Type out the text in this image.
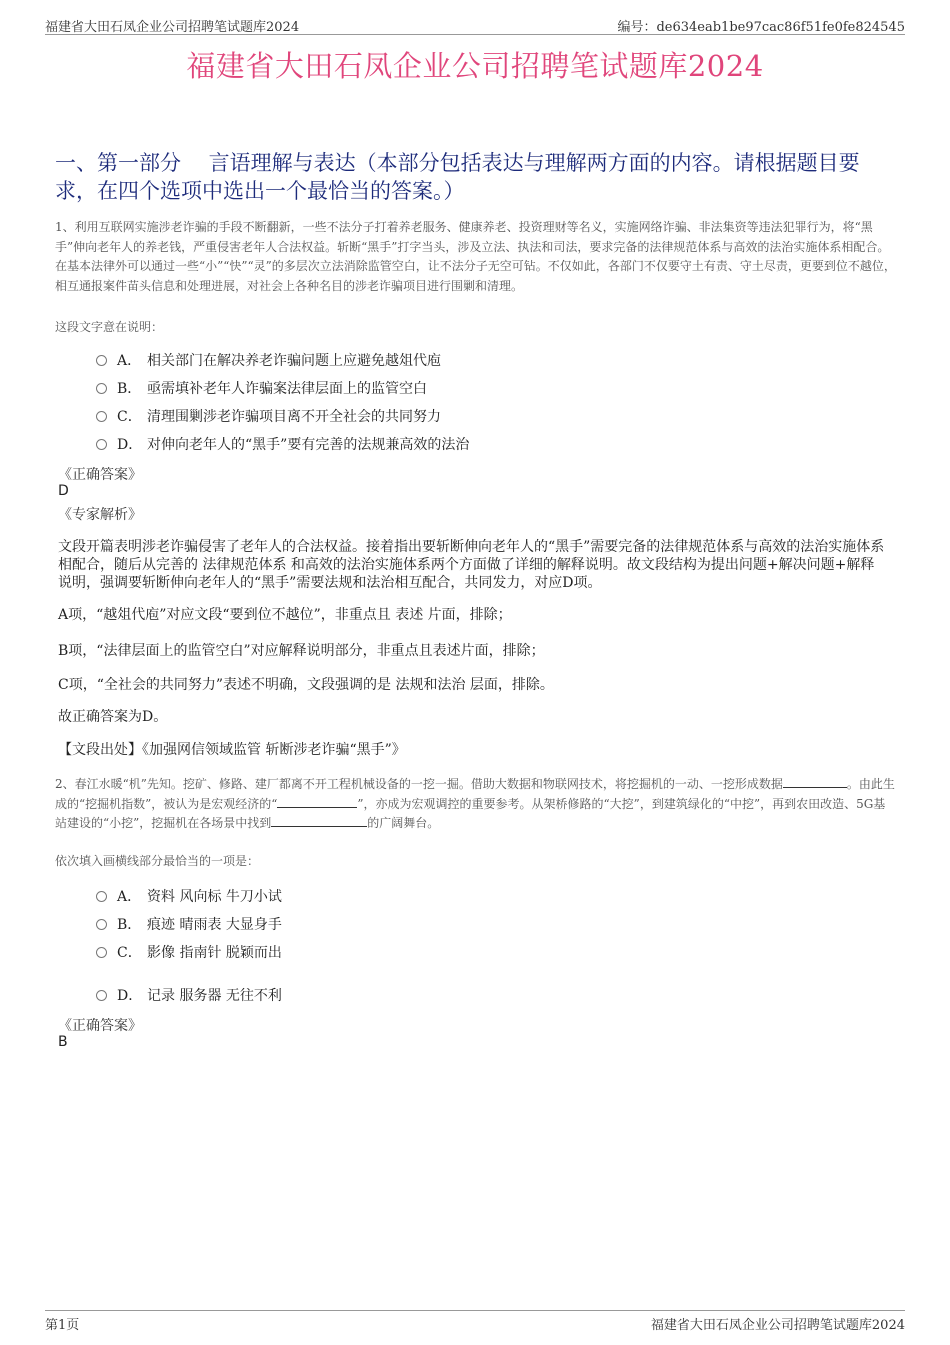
福建省大田石凤企业公司招聘笔试题库2024	编号：de634eab1be97cac86f51fe0fe824545
福建省大田石凤企业公司招聘笔试题库2024
一、第一部分　 言语理解与表达（本部分包括表达与理解两方面的内容。请根据题目要求，在四个选项中选出一个最恰当的答案。）
1、利用互联网实施涉老诈骗的手段不断翻新，一些不法分子打着养老服务、健康养老、投资理财等名义，实施网络诈骗、非法集资等违法犯罪行为，将“黑手”伸向老年人的养老钱，严重侵害老年人合法权益。斩断“黑手”打字当头，涉及立法、执法和司法，要求完备的法律规范体系与高效的法治实施体系相配合。在基本法律外可以通过一些“小”“快”“灵”的多层次立法消除监管空白，让不法分子无空可钻。不仅如此，各部门不仅要守土有责、守土尽责，更要到位不越位，相互通报案件苗头信息和处理进展，对社会上各种名目的涉老诈骗项目进行围剿和清理。
这段文字意在说明：
A． 相关部门在解决养老诈骗问题上应避免越俎代庖
B． 亟需填补老年人诈骗案法律层面上的监管空白
C． 清理围剿涉老诈骗项目离不开全社会的共同努力
D． 对伸向老年人的“黑手”要有完善的法规兼高效的法治
《正确答案》
D
《专家解析》
文段开篇表明涉老诈骗侵害了老年人的合法权益。接着指出要斩断伸向老年人的“黑手”需要完备的法律规范体系与高效的法治实施体系相配合，随后从完善的 法律规范体系 和高效的法治实施体系两个方面做了详细的解释说明。故文段结构为提出问题+解决问题+解释说明，强调要斩断伸向老年人的“黑手”需要法规和法治相互配合，共同发力，对应D项。
A项，“越俎代庖”对应文段“要到位不越位”，非重点且 表述 片面，排除；
B项，“法律层面上的监管空白”对应解释说明部分，非重点且表述片面，排除；
C项，“全社会的共同努力”表述不明确，文段强调的是 法规和法治 层面，排除。
故正确答案为D。
【文段出处】《加强网信领域监管 斩断涉老诈骗“黑手”》
2、春江水暖“机”先知。挖矿、修路、建厂都离不开工程机械设备的一挖一掘。借助大数据和物联网技术，将挖掘机的一动、一挖形成数据	。由此生成的“挖掘机指数”，被认为是宏观经济的“	”，亦成为宏观调控的重要参考。从架桥修路的“大挖”，到建筑绿化的“中挖”，再到农田改造、5G基站建设的“小挖”，挖掘机在各场景中找到	的广阔舞台。
依次填入画横线部分最恰当的一项是：
A． 资料 风向标 牛刀小试
B． 痕迹 晴雨表 大显身手
C． 影像 指南针 脱颖而出
D． 记录 服务器 无往不利
《正确答案》
B
第1页	福建省大田石凤企业公司招聘笔试题库2024
